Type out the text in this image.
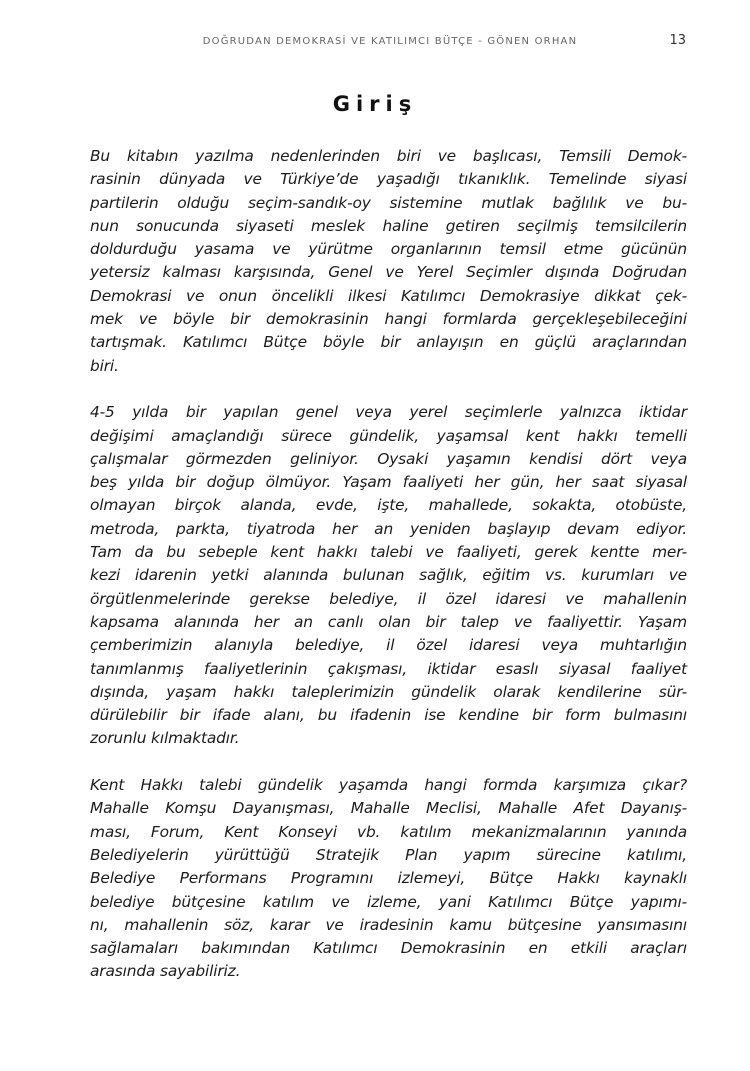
DOĞRUDAN DEMOKRASİ VE KATILIMCI BÜTÇE - GÖNEN ORHAN	13
Giriş

Bu kitabın yazılma nedenlerinden biri ve başlıcası, Temsili Demok-
rasinin dünyada ve Türkiye’de yaşadığı tıkanıklık. Temelinde siyasi
partilerin olduğu seçim-sandık-oy sistemine mutlak bağlılık ve bu-
nun sonucunda siyaseti meslek haline getiren seçilmiş temsilcilerin
doldurduğu yasama ve yürütme organlarının temsil etme gücünün
yetersiz kalması karşısında, Genel ve Yerel Seçimler dışında Doğrudan
Demokrasi ve onun öncelikli ilkesi Katılımcı Demokrasiye dikkat çek-
mek ve böyle bir demokrasinin hangi formlarda gerçekleşebileceğini
tartışmak. Katılımcı Bütçe böyle bir anlayışın en güçlü araçlarından
biri.

4-5 yılda bir yapılan genel veya yerel seçimlerle yalnızca iktidar
değişimi amaçlandığı sürece gündelik, yaşamsal kent hakkı temelli
çalışmalar görmezden geliniyor. Oysaki yaşamın kendisi dört veya
beş yılda bir doğup ölmüyor. Yaşam faaliyeti her gün, her saat siyasal
olmayan birçok alanda, evde, işte, mahallede, sokakta, otobüste,
metroda, parkta, tiyatroda her an yeniden başlayıp devam ediyor.
Tam da bu sebeple kent hakkı talebi ve faaliyeti, gerek kentte mer-
kezi idarenin yetki alanında bulunan sağlık, eğitim vs. kurumları ve
örgütlenmelerinde gerekse belediye, il özel idaresi ve mahallenin
kapsama alanında her an canlı olan bir talep ve faaliyettir. Yaşam
çemberimizin alanıyla belediye, il özel idaresi veya muhtarlığın
tanımlanmış faaliyetlerinin çakışması, iktidar esaslı siyasal faaliyet
dışında, yaşam hakkı taleplerimizin gündelik olarak kendilerine sür-
dürülebilir bir ifade alanı, bu ifadenin ise kendine bir form bulmasını
zorunlu kılmaktadır.

Kent Hakkı talebi gündelik yaşamda hangi formda karşımıza çıkar?
Mahalle Komşu Dayanışması, Mahalle Meclisi, Mahalle Afet Dayanış-
ması, Forum, Kent Konseyi vb. katılım mekanizmalarının yanında
Belediyelerin yürüttüğü Stratejik Plan yapım sürecine katılımı,
Belediye Performans Programını izlemeyi, Bütçe Hakkı kaynaklı
belediye bütçesine katılım ve izleme, yani Katılımcı Bütçe yapımı-
nı, mahallenin söz, karar ve iradesinin kamu bütçesine yansımasını
sağlamaları bakımından Katılımcı Demokrasinin en etkili araçları
arasında sayabiliriz.
